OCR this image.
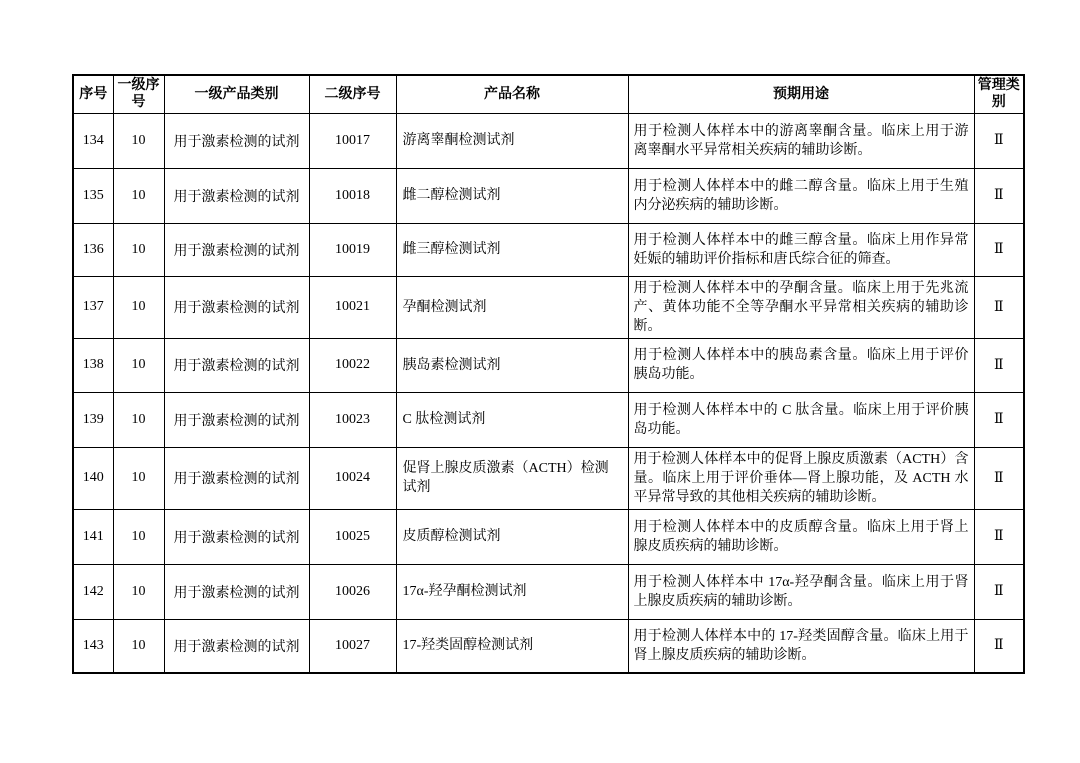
序号	一级序号	一级产品类别	二级序号	产品名称	预期用途	管理类别
134	10	用于激素检测的试剂	10017	游离睾酮检测试剂	用于检测人体样本中的游离睾酮含量。临床上用于游离睾酮水平异常相关疾病的辅助诊断。	Ⅱ
135	10	用于激素检测的试剂	10018	雌二醇检测试剂	用于检测人体样本中的雌二醇含量。临床上用于生殖内分泌疾病的辅助诊断。	Ⅱ
136	10	用于激素检测的试剂	10019	雌三醇检测试剂	用于检测人体样本中的雌三醇含量。临床上用作异常妊娠的辅助评价指标和唐氏综合征的筛查。	Ⅱ
137	10	用于激素检测的试剂	10021	孕酮检测试剂	用于检测人体样本中的孕酮含量。临床上用于先兆流产、黄体功能不全等孕酮水平异常相关疾病的辅助诊断。	Ⅱ
138	10	用于激素检测的试剂	10022	胰岛素检测试剂	用于检测人体样本中的胰岛素含量。临床上用于评价胰岛功能。	Ⅱ
139	10	用于激素检测的试剂	10023	C 肽检测试剂	用于检测人体样本中的 C 肽含量。临床上用于评价胰岛功能。	Ⅱ
140	10	用于激素检测的试剂	10024	促肾上腺皮质激素（ACTH）检测试剂	用于检测人体样本中的促肾上腺皮质激素（ACTH）含量。临床上用于评价垂体—肾上腺功能，及 ACTH 水平异常导致的其他相关疾病的辅助诊断。	Ⅱ
141	10	用于激素检测的试剂	10025	皮质醇检测试剂	用于检测人体样本中的皮质醇含量。临床上用于肾上腺皮质疾病的辅助诊断。	Ⅱ
142	10	用于激素检测的试剂	10026	17α-羟孕酮检测试剂	用于检测人体样本中 17α-羟孕酮含量。临床上用于肾上腺皮质疾病的辅助诊断。	Ⅱ
143	10	用于激素检测的试剂	10027	17-羟类固醇检测试剂	用于检测人体样本中的 17-羟类固醇含量。临床上用于肾上腺皮质疾病的辅助诊断。	Ⅱ
